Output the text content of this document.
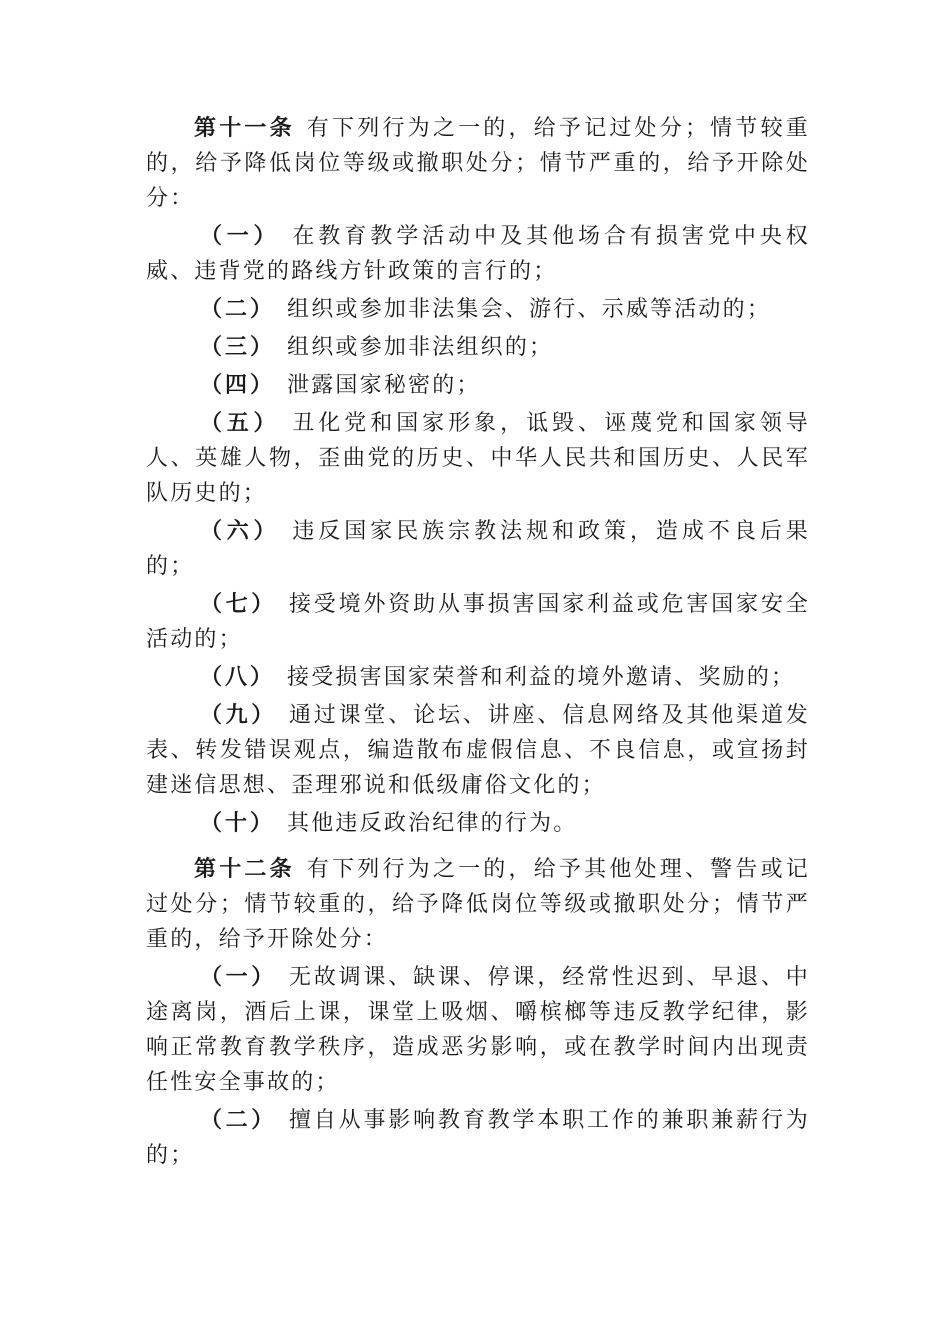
第十一条 有下列行为之一的，给予记过处分；情节较重的，给予降低岗位等级或撤职处分；情节严重的，给予开除处分：

（一） 在教育教学活动中及其他场合有损害党中央权威、违背党的路线方针政策的言行的；

（二） 组织或参加非法集会、游行、示威等活动的；

（三） 组织或参加非法组织的；

（四） 泄露国家秘密的；

（五） 丑化党和国家形象，诋毁、诬蔑党和国家领导人、英雄人物，歪曲党的历史、中华人民共和国历史、人民军队历史的；

（六） 违反国家民族宗教法规和政策，造成不良后果的；

（七） 接受境外资助从事损害国家利益或危害国家安全活动的；

（八） 接受损害国家荣誉和利益的境外邀请、奖励的；

（九） 通过课堂、论坛、讲座、信息网络及其他渠道发表、转发错误观点，编造散布虚假信息、不良信息，或宣扬封建迷信思想、歪理邪说和低级庸俗文化的；

（十） 其他违反政治纪律的行为。

第十二条 有下列行为之一的，给予其他处理、警告或记过处分；情节较重的，给予降低岗位等级或撤职处分；情节严重的，给予开除处分：

（一） 无故调课、缺课、停课，经常性迟到、早退、中途离岗，酒后上课，课堂上吸烟、嚼槟榔等违反教学纪律，影响正常教育教学秩序，造成恶劣影响，或在教学时间内出现责任性安全事故的；

（二） 擅自从事影响教育教学本职工作的兼职兼薪行为的；
